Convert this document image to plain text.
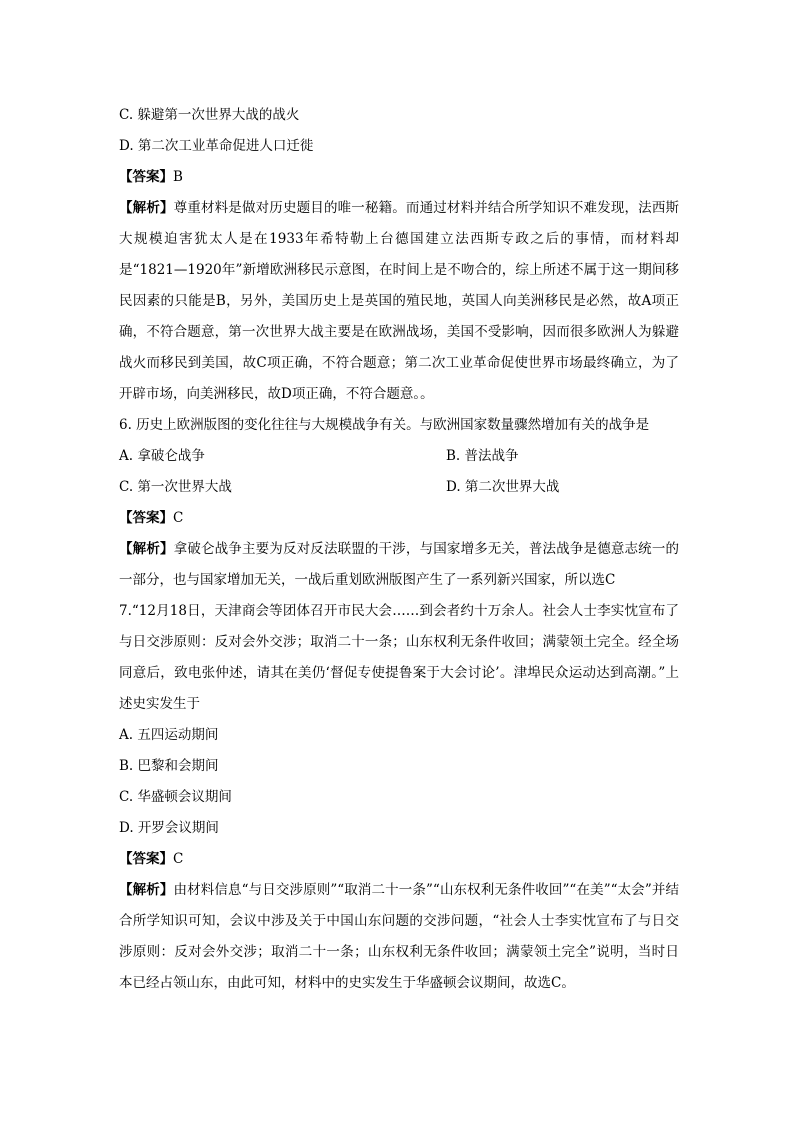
C. 躲避第一次世界大战的战火
D. 第二次工业革命促进人口迁徙
【答案】B
【解析】尊重材料是做对历史题目的唯一秘籍。而通过材料并结合所学知识不难发现，法西斯大规模迫害犹太人是在1933年希特勒上台德国建立法西斯专政之后的事情，而材料却是“1821—1920年”新增欧洲移民示意图，在时间上是不吻合的，综上所述不属于这一期间移民因素的只能是B，另外，美国历史上是英国的殖民地，英国人向美洲移民是必然，故A项正确，不符合题意，第一次世界大战主要是在欧洲战场，美国不受影响，因而很多欧洲人为躲避战火而移民到美国，故C项正确，不符合题意；第二次工业革命促使世界市场最终确立，为了开辟市场，向美洲移民，故D项正确，不符合题意。。
6. 历史上欧洲版图的变化往往与大规模战争有关。与欧洲国家数量骤然增加有关的战争是
A. 拿破仑战争	B. 普法战争
C. 第一次世界大战	D. 第二次世界大战
【答案】C
【解析】拿破仑战争主要为反对反法联盟的干涉，与国家增多无关，普法战争是德意志统一的一部分，也与国家增加无关，一战后重划欧洲版图产生了一系列新兴国家，所以选C
7.“12月18日，天津商会等团体召开市民大会……到会者约十万余人。社会人士李实忱宣布了与日交涉原则：反对会外交涉；取消二十一条；山东权利无条件收回；满蒙领土完全。经全场同意后，致电张仲述，请其在美仍‘督促专使提鲁案于大会讨论’。津埠民众运动达到高潮。”上述史实发生于
A. 五四运动期间
B. 巴黎和会期间
C. 华盛顿会议期间
D. 开罗会议期间
【答案】C
【解析】由材料信息“与日交涉原则”“取消二十一条”“山东权利无条件收回”“在美”“太会”并结合所学知识可知，会议中涉及关于中国山东问题的交涉问题，“社会人士李实忱宣布了与日交涉原则：反对会外交涉；取消二十一条；山东权利无条件收回；满蒙领土完全”说明，当时日本已经占领山东，由此可知，材料中的史实发生于华盛顿会议期间，故选C。
